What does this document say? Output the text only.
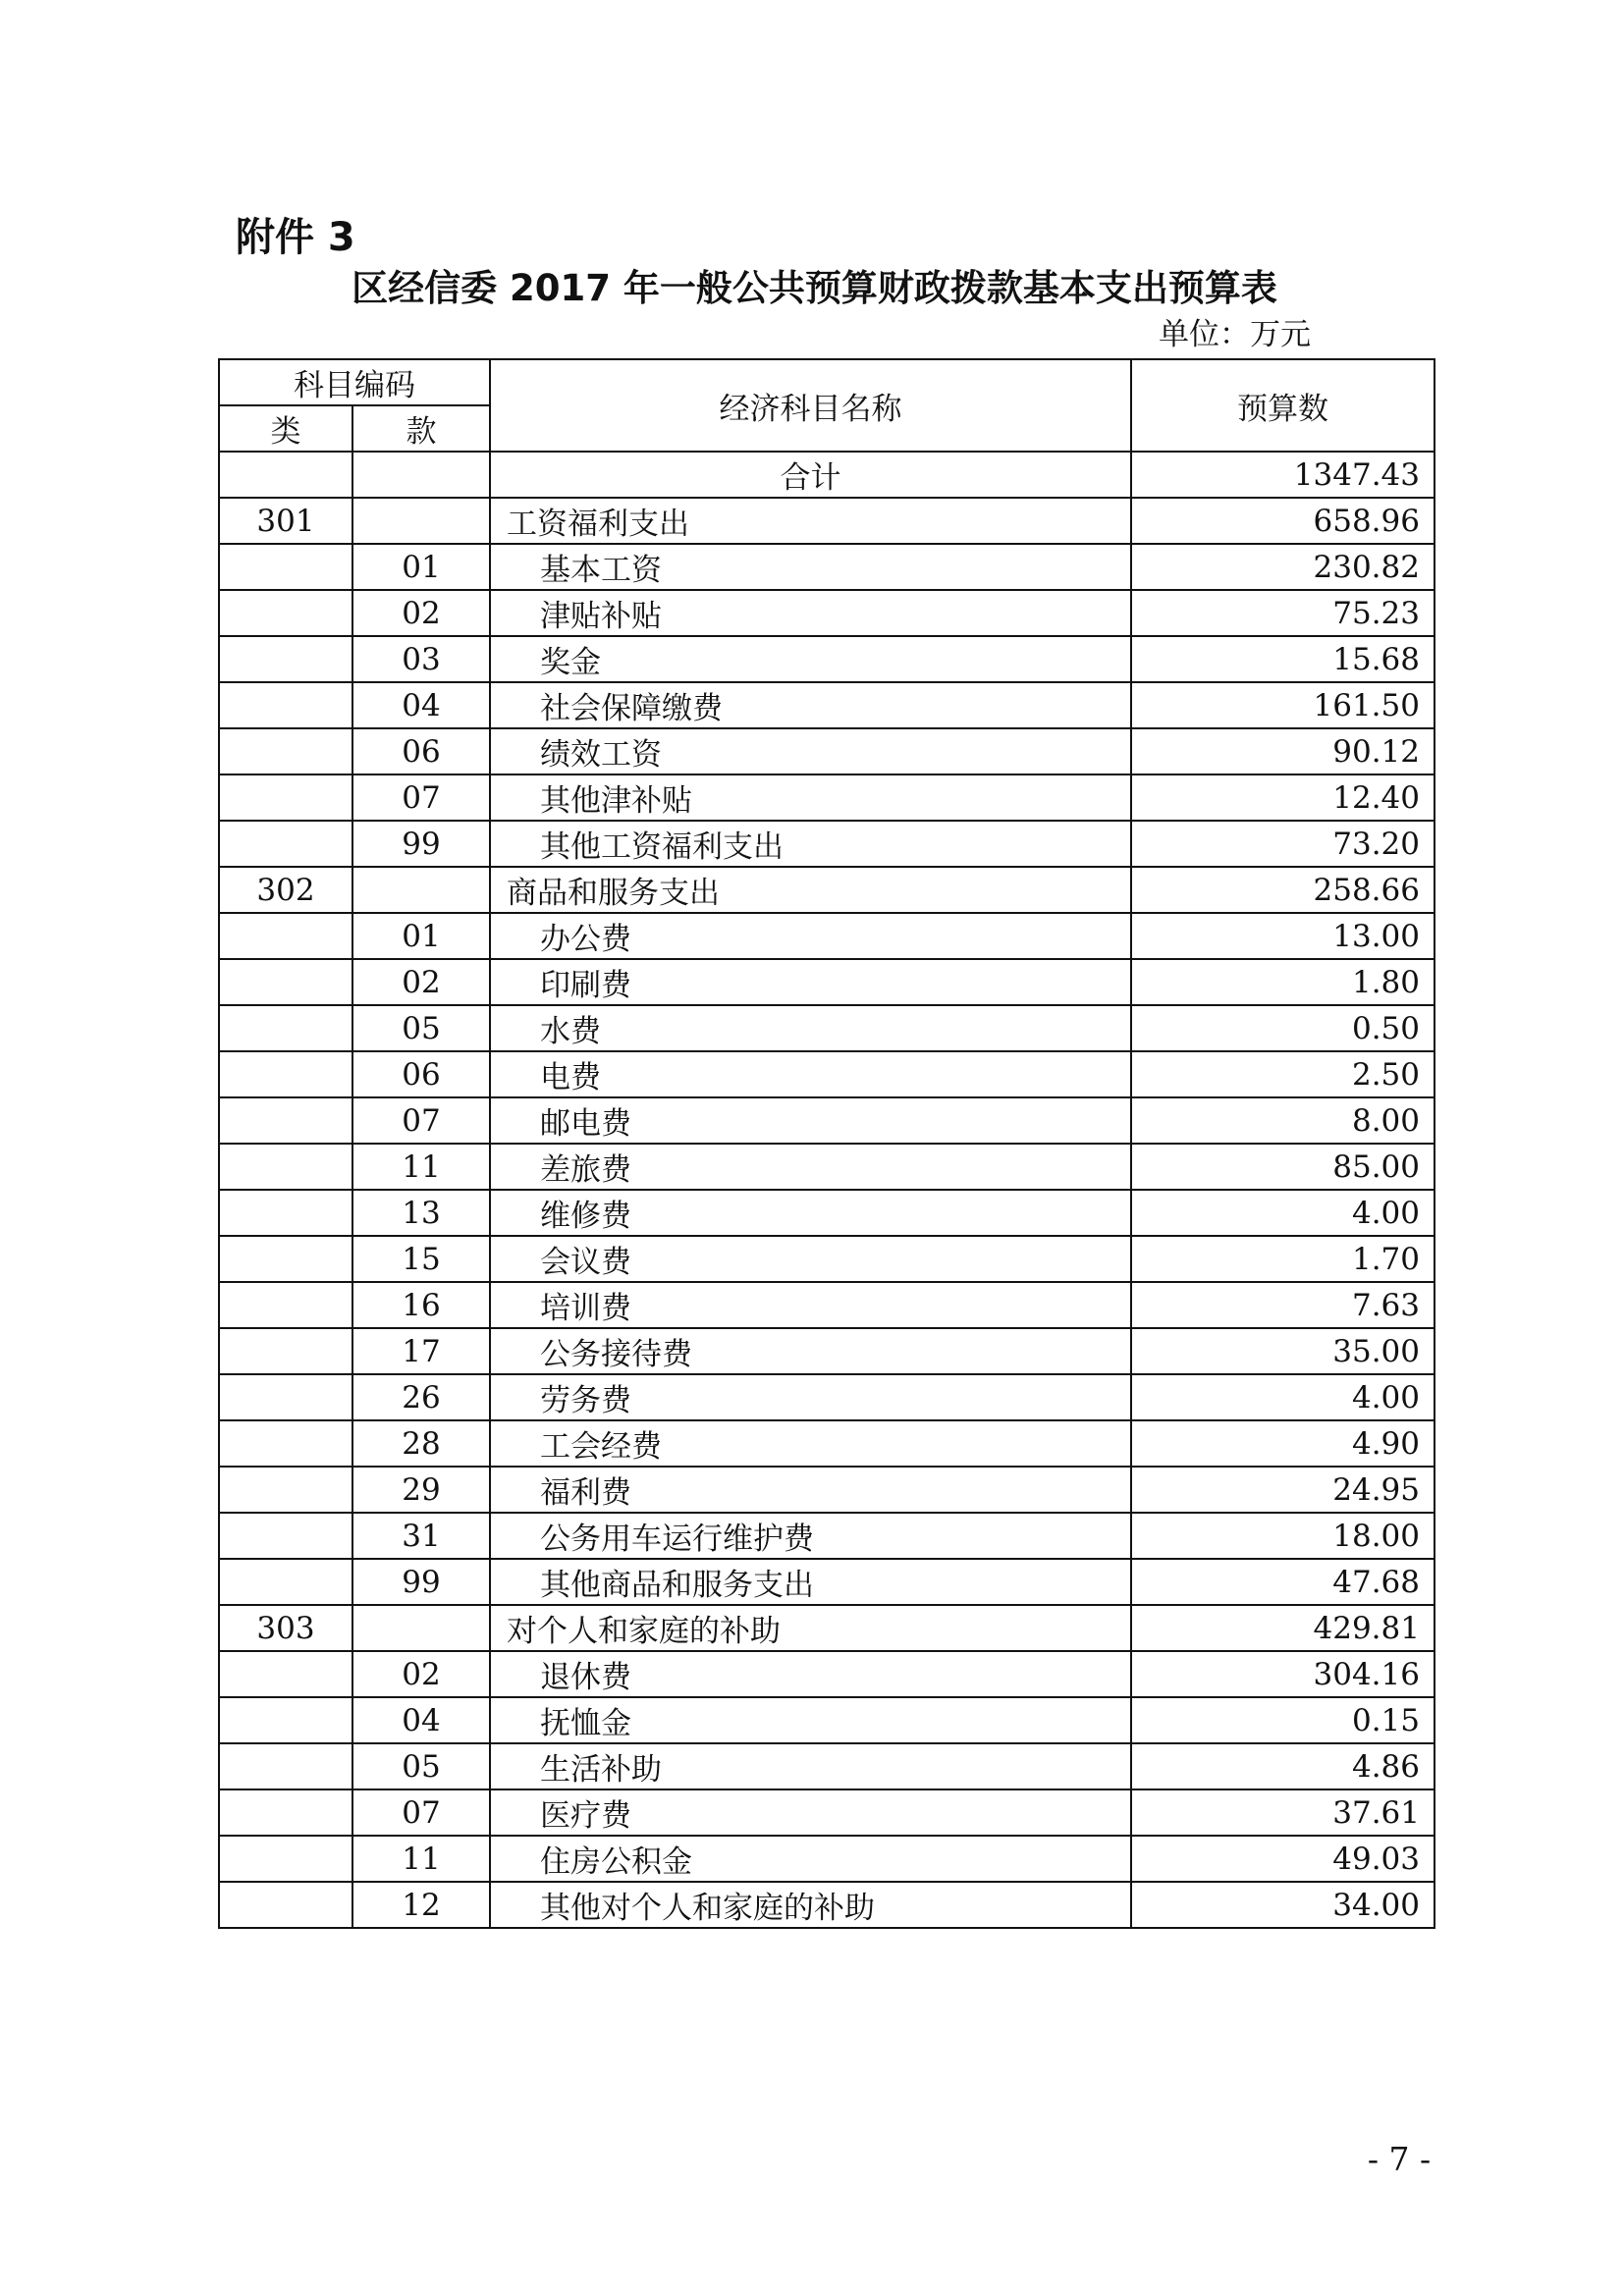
附件 3
区经信委 2017 年一般公共预算财政拨款基本支出预算表
单位：万元
科目编码		经济科目名称	预算数
类	款		
		合计	1347.43
301		工资福利支出	658.96
	01	基本工资	230.82
	02	津贴补贴	75.23
	03	奖金	15.68
	04	社会保障缴费	161.50
	06	绩效工资	90.12
	07	其他津补贴	12.40
	99	其他工资福利支出	73.20
302		商品和服务支出	258.66
	01	办公费	13.00
	02	印刷费	1.80
	05	水费	0.50
	06	电费	2.50
	07	邮电费	8.00
	11	差旅费	85.00
	13	维修费	4.00
	15	会议费	1.70
	16	培训费	7.63
	17	公务接待费	35.00
	26	劳务费	4.00
	28	工会经费	4.90
	29	福利费	24.95
	31	公务用车运行维护费	18.00
	99	其他商品和服务支出	47.68
303		对个人和家庭的补助	429.81
	02	退休费	304.16
	04	抚恤金	0.15
	05	生活补助	4.86
	07	医疗费	37.61
	11	住房公积金	49.03
	12	其他对个人和家庭的补助	34.00
- 7 -
